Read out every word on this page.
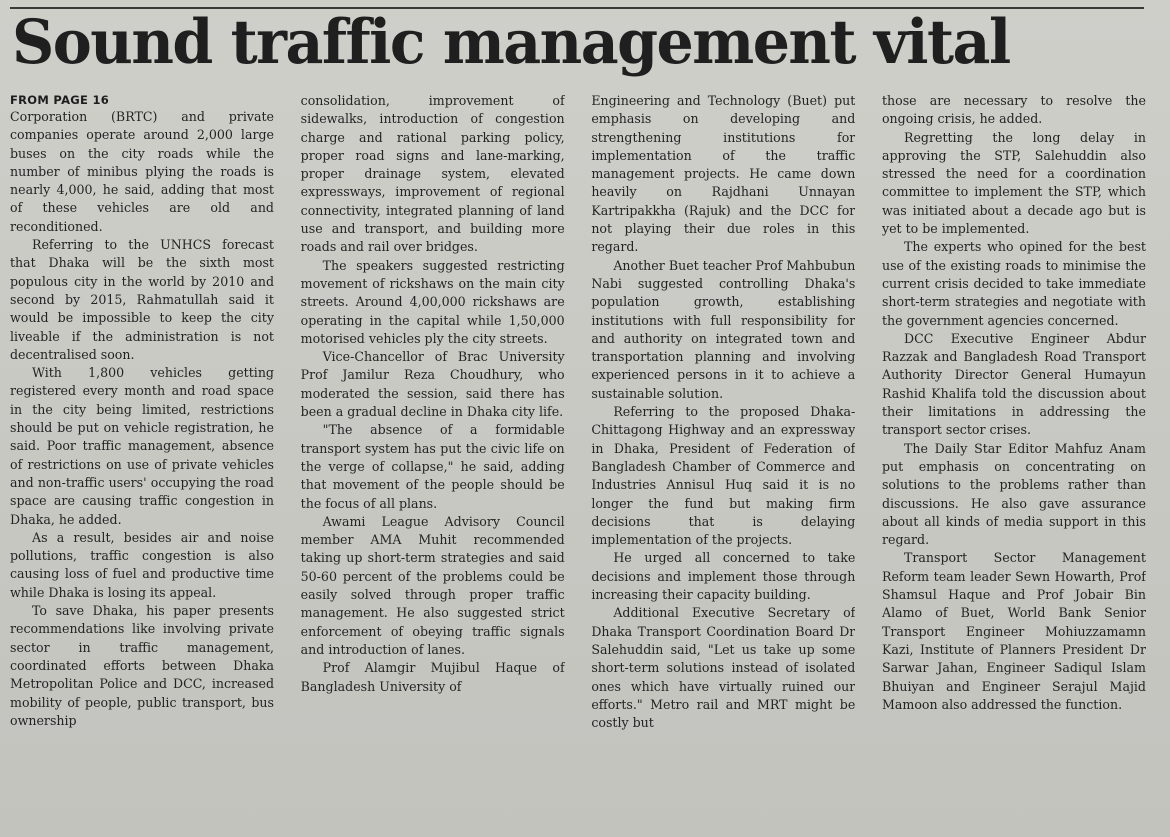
Sound traffic management vital
FROM PAGE 16

Corporation (BRTC) and private companies operate around 2,000 large buses on the city roads while the number of minibus plying the roads is nearly 4,000, he said, adding that most of these vehicles are old and reconditioned.

Referring to the UNHCS forecast that Dhaka will be the sixth most populous city in the world by 2010 and second by 2015, Rahmatullah said it would be impossible to keep the city liveable if the administration is not decentralised soon.

With 1,800 vehicles getting registered every month and road space in the city being limited, restrictions should be put on vehicle registration, he said. Poor traffic management, absence of restrictions on use of private vehicles and non-traffic users' occupying the road space are causing traffic congestion in Dhaka, he added.

As a result, besides air and noise pollutions, traffic congestion is also causing loss of fuel and productive time while Dhaka is losing its appeal.

To save Dhaka, his paper presents recommendations like involving private sector in traffic management, coordinated efforts between Dhaka Metropolitan Police and DCC, increased mobility of people, public transport, bus ownership

consolidation, improvement of sidewalks, introduction of congestion charge and rational parking policy, proper road signs and lane-marking, proper drainage system, elevated expressways, improvement of regional connectivity, integrated planning of land use and transport, and building more roads and rail over bridges.

The speakers suggested restricting movement of rickshaws on the main city streets. Around 4,00,000 rickshaws are operating in the capital while 1,50,000 motorised vehicles ply the city streets.

Vice-Chancellor of Brac University Prof Jamilur Reza Choudhury, who moderated the session, said there has been a gradual decline in Dhaka city life.

"The absence of a formidable transport system has put the civic life on the verge of collapse," he said, adding that movement of the people should be the focus of all plans.

Awami League Advisory Council member AMA Muhit recommended taking up short-term strategies and said 50-60 percent of the problems could be easily solved through proper traffic management. He also suggested strict enforcement of obeying traffic signals and introduction of lanes.

Prof Alamgir Mujibul Haque of Bangladesh University of

Engineering and Technology (Buet) put emphasis on developing and strengthening institutions for implementation of the traffic management projects. He came down heavily on Rajdhani Unnayan Kartripakkha (Rajuk) and the DCC for not playing their due roles in this regard.

Another Buet teacher Prof Mahbubun Nabi suggested controlling Dhaka's population growth, establishing institutions with full responsibility for and authority on integrated town and transportation planning and involving experienced persons in it to achieve a sustainable solution.

Referring to the proposed Dhaka-Chittagong Highway and an expressway in Dhaka, President of Federation of Bangladesh Chamber of Commerce and Industries Annisul Huq said it is no longer the fund but making firm decisions that is delaying implementation of the projects.

He urged all concerned to take decisions and implement those through increasing their capacity building.

Additional Executive Secretary of Dhaka Transport Coordination Board Dr Salehuddin said, "Let us take up some short-term solutions instead of isolated ones which have virtually ruined our efforts." Metro rail and MRT might be costly but

those are necessary to resolve the ongoing crisis, he added.

Regretting the long delay in approving the STP, Salehuddin also stressed the need for a coordination committee to implement the STP, which was initiated about a decade ago but is yet to be implemented.

The experts who opined for the best use of the existing roads to minimise the current crisis decided to take immediate short-term strategies and negotiate with the government agencies concerned.

DCC Executive Engineer Abdur Razzak and Bangladesh Road Transport Authority Director General Humayun Rashid Khalifa told the discussion about their limitations in addressing the transport sector crises.

The Daily Star Editor Mahfuz Anam put emphasis on concentrating on solutions to the problems rather than discussions. He also gave assurance about all kinds of media support in this regard.

Transport Sector Management Reform team leader Sewn Howarth, Prof Shamsul Haque and Prof Jobair Bin Alamo of Buet, World Bank Senior Transport Engineer Mohiuzzamamn Kazi, Institute of Planners President Dr Sarwar Jahan, Engineer Sadiqul Islam Bhuiyan and Engineer Serajul Majid Mamoon also addressed the function.
